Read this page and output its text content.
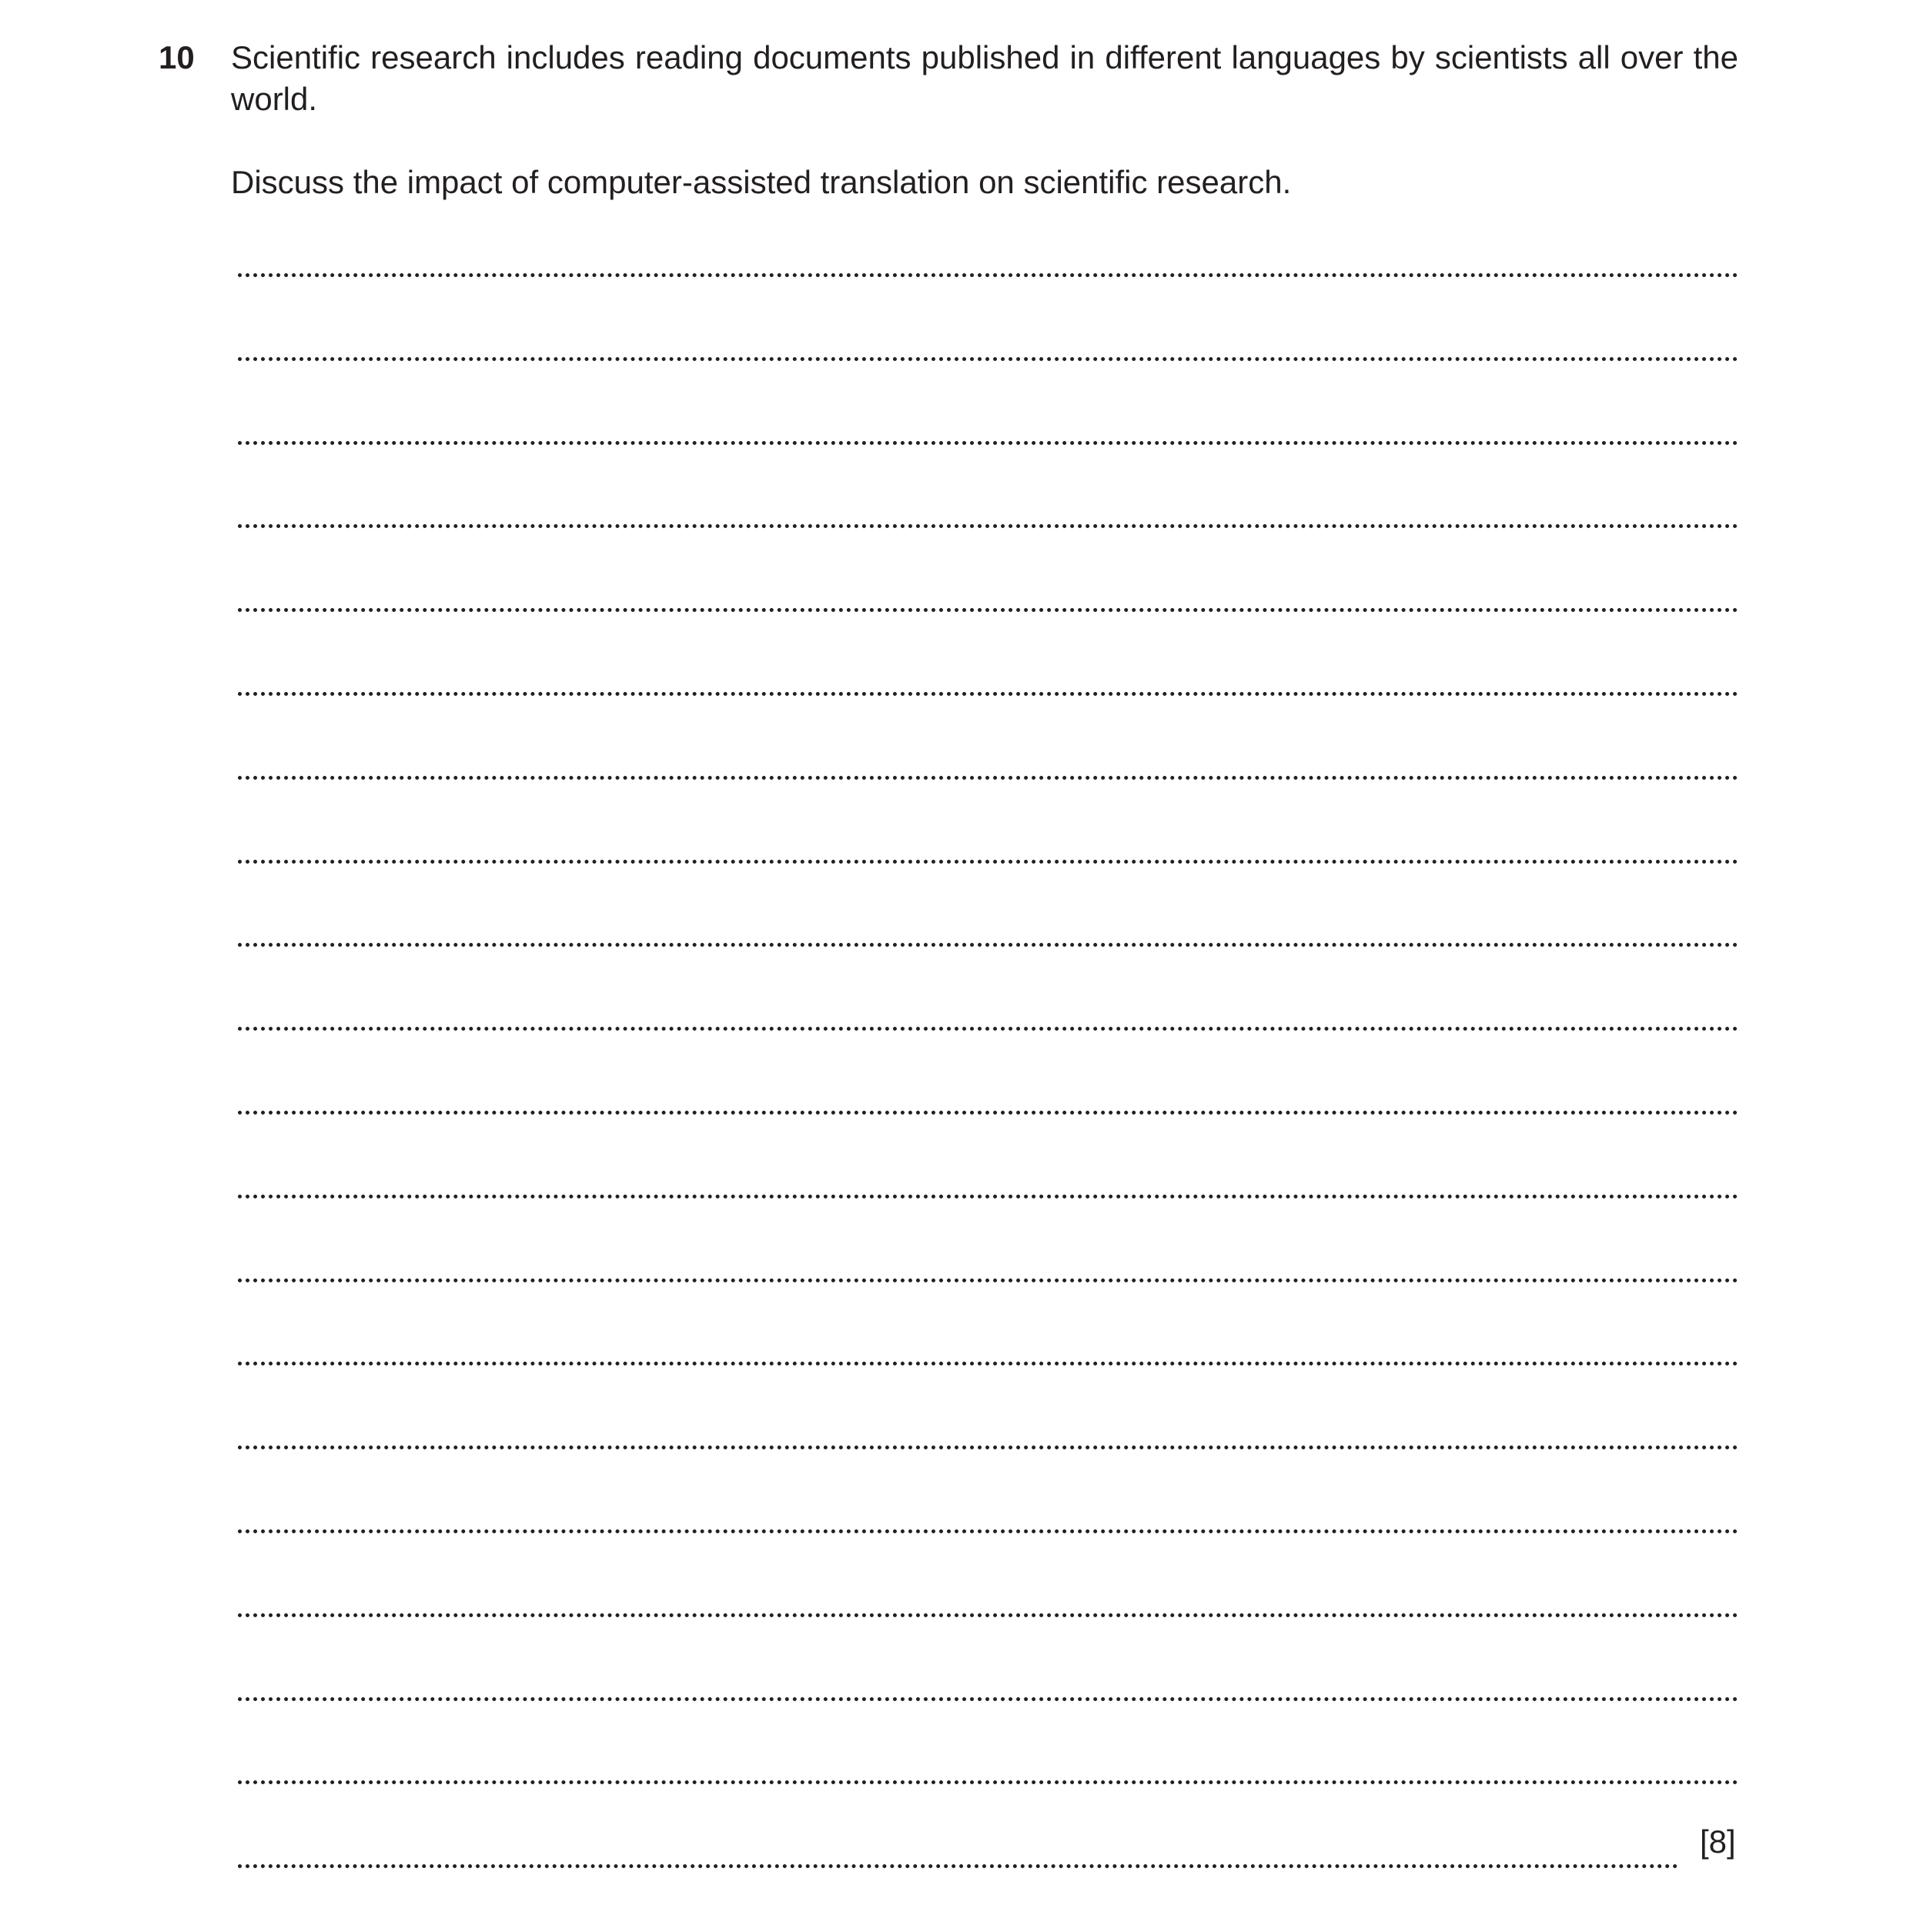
10 Scientific research includes reading documents published in different languages by scientists all over the world.

Discuss the impact of computer-assisted translation on scientific research.

[8]
